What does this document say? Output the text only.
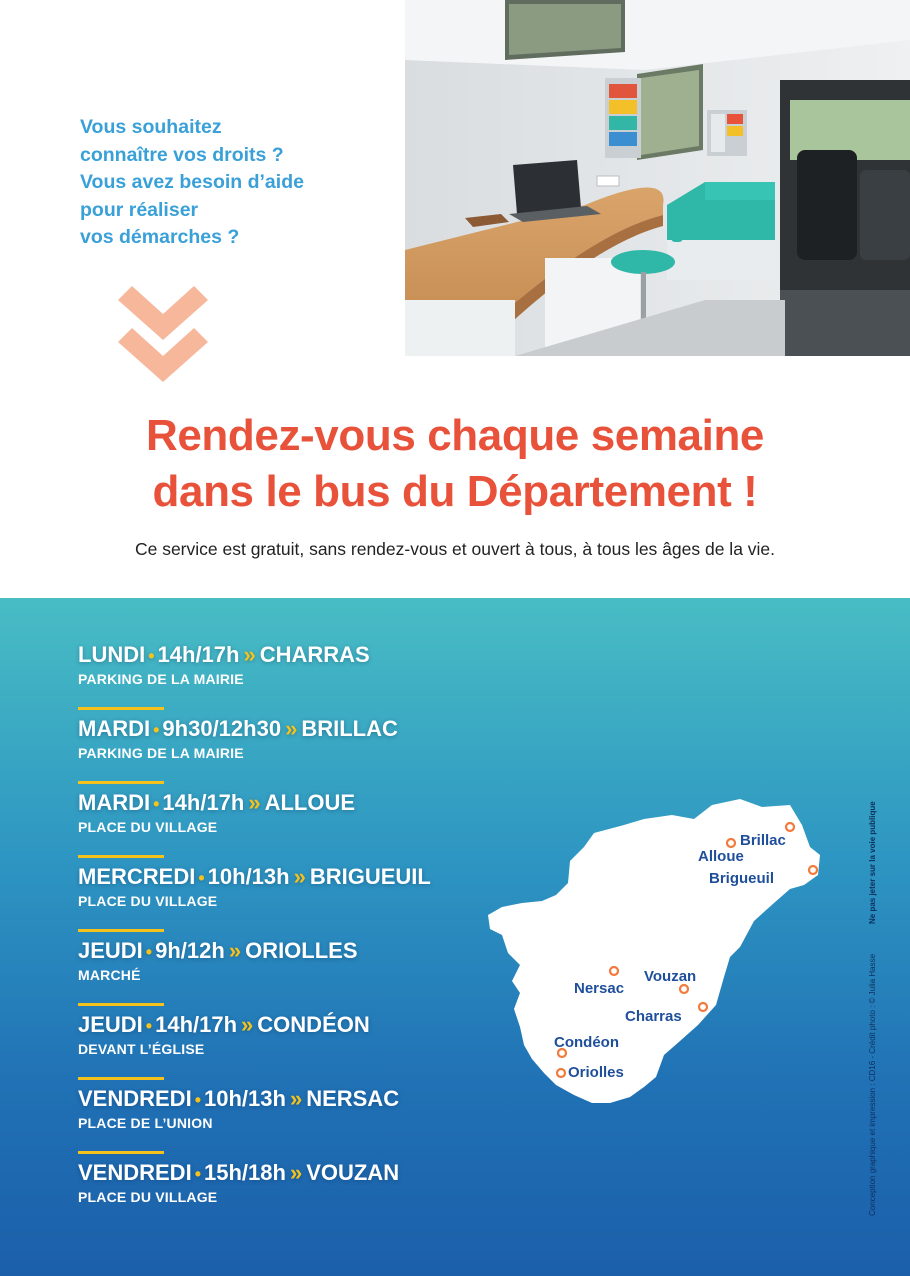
Vous souhaitez
connaître vos droits ?
Vous avez besoin d’aide
pour réaliser
vos démarches ?
Rendez-vous chaque semaine
dans le bus du Département !
Ce service est gratuit, sans rendez-vous et ouvert à tous, à tous les âges de la vie.
LUNDI • 14h/17h » CHARRAS
PARKING DE LA MAIRIE
MARDI • 9h30/12h30 » BRILLAC
PARKING DE LA MAIRIE
MARDI • 14h/17h » ALLOUE
PLACE DU VILLAGE
MERCREDI • 10h/13h » BRIGUEUIL
PLACE DU VILLAGE
JEUDI • 9h/12h » ORIOLLES
MARCHÉ
JEUDI • 14h/17h » CONDÉON
DEVANT L’ÉGLISE
VENDREDI • 10h/13h » NERSAC
PLACE DE L’UNION
VENDREDI • 15h/18h » VOUZAN
PLACE DU VILLAGE
Brillac
Alloue
Brigueuil
Vouzan
Nersac
Charras
Condéon
Oriolles	Conception graphique et impression : CD16 - Crédit photo : © Julia Hasse
Ne pas jeter sur la voie publique
